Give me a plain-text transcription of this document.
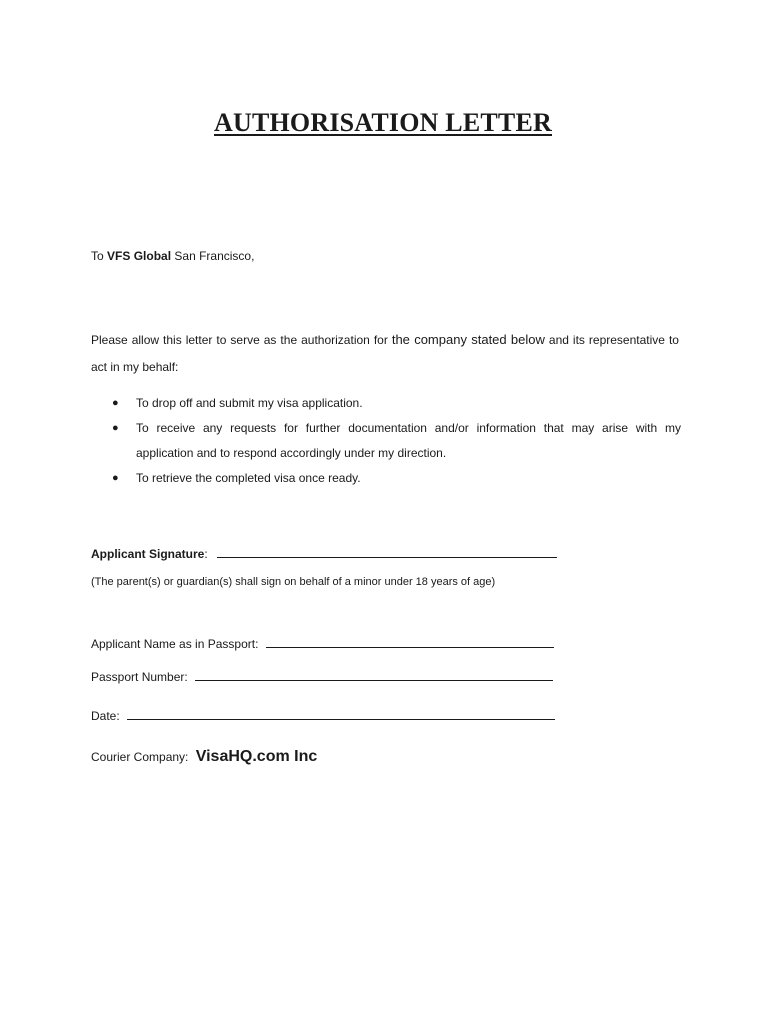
AUTHORISATION LETTER
To VFS Global San Francisco,
Please allow this letter to serve as the authorization for the company stated below and its representative to act in my behalf:
● To drop off and submit my visa application.
● To receive any requests for further documentation and/or information that may arise with my application and to respond accordingly under my direction.
● To retrieve the completed visa once ready.
Applicant Signature:
(The parent(s) or guardian(s) shall sign on behalf of a minor under 18 years of age)
Applicant Name as in Passport:
Passport Number:
Date:
Courier Company: VisaHQ.com Inc
